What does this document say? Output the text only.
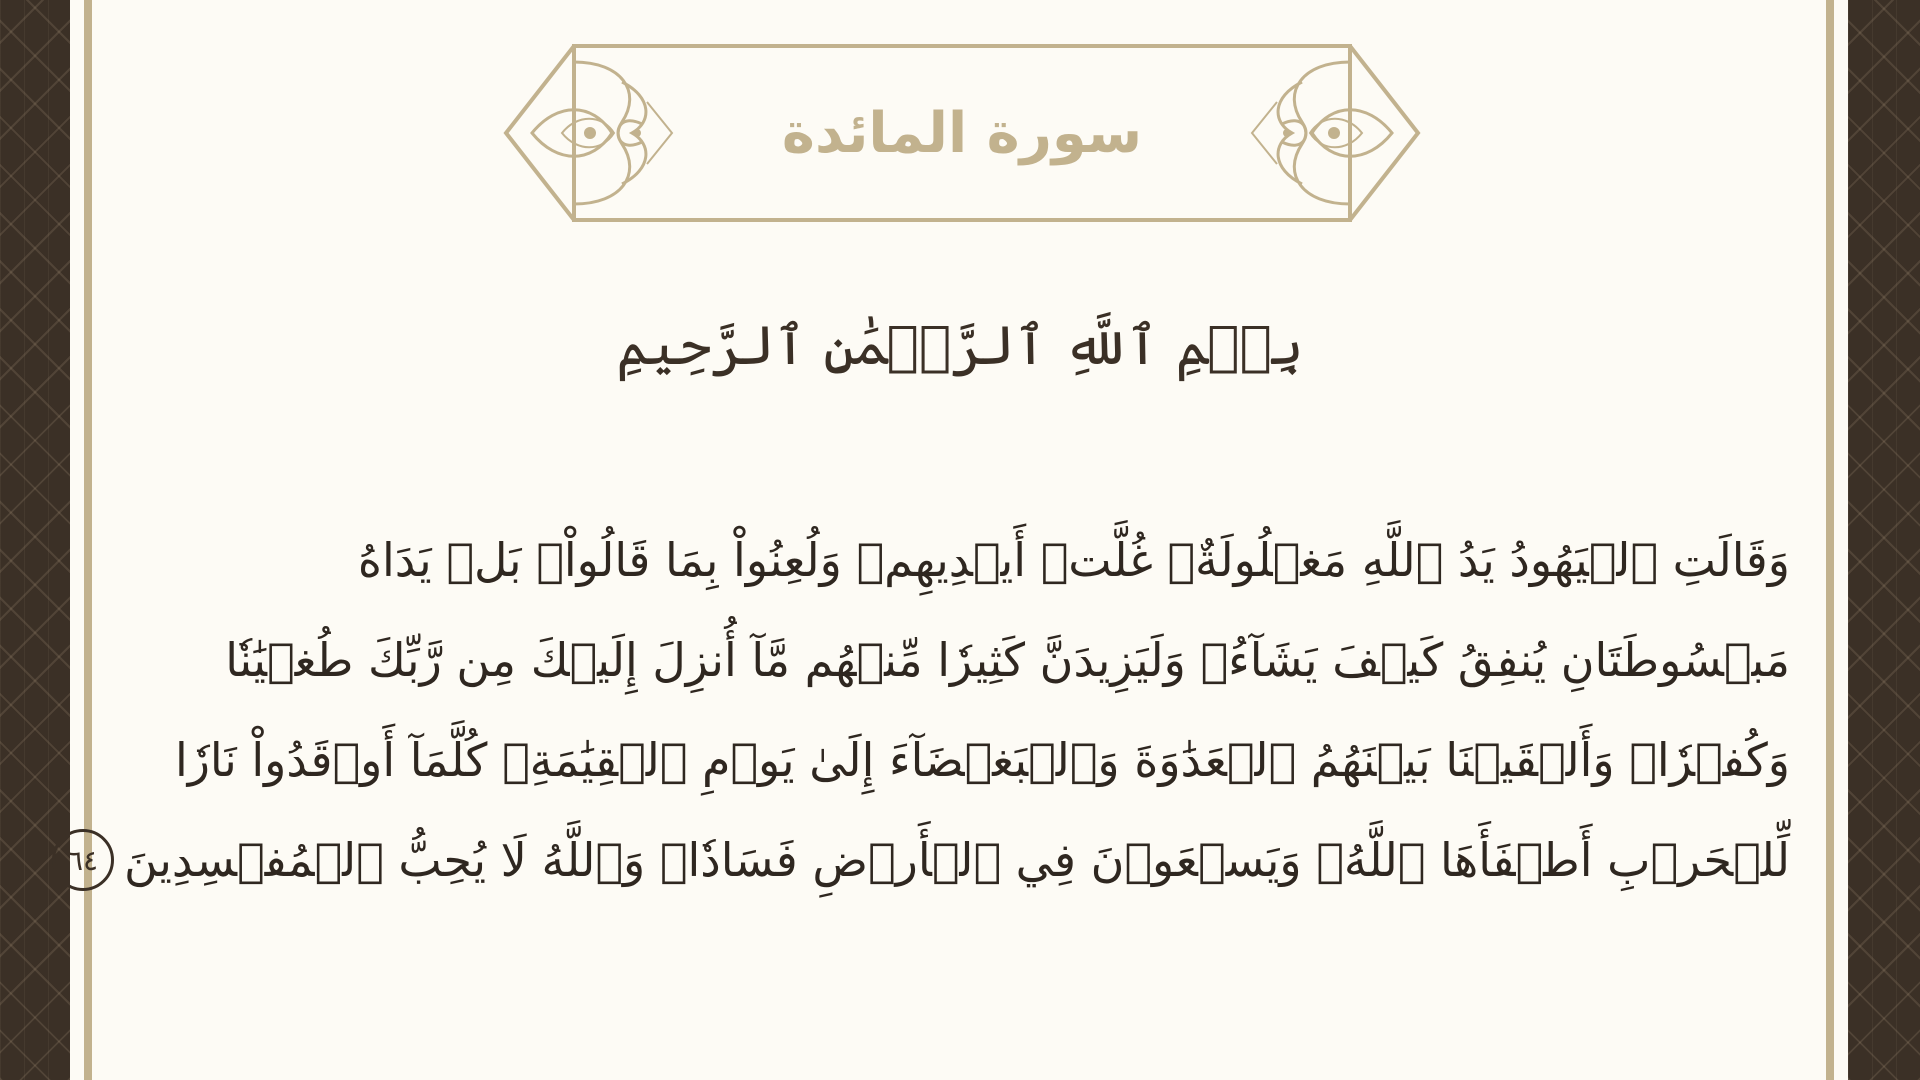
سورة المائدة
بِسۡمِ ٱللَّهِ ٱلرَّحۡمَٰنِ ٱلرَّحِيمِ
وَقَالَتِ ٱلۡيَهُودُ يَدُ ٱللَّهِ مَغۡلُولَةٌۚ غُلَّتۡ أَيۡدِيهِمۡ وَلُعِنُواْ بِمَا قَالُواْۘ بَلۡ يَدَاهُ
مَبۡسُوطَتَانِ يُنفِقُ كَيۡفَ يَشَآءُۚ وَلَيَزِيدَنَّ كَثِيرٗا مِّنۡهُم مَّآ أُنزِلَ إِلَيۡكَ مِن رَّبِّكَ طُغۡيَٰنٗا
وَكُفۡرٗاۚ وَأَلۡقَيۡنَا بَيۡنَهُمُ ٱلۡعَدَٰوَةَ وَٱلۡبَغۡضَآءَ إِلَىٰ يَوۡمِ ٱلۡقِيَٰمَةِۚ كُلَّمَآ أَوۡقَدُواْ نَارٗا
لِّلۡحَرۡبِ أَطۡفَأَهَا ٱللَّهُۚ وَيَسۡعَوۡنَ فِي ٱلۡأَرۡضِ فَسَادٗاۚ وَٱللَّهُ لَا يُحِبُّ ٱلۡمُفۡسِدِينَ٦٤
